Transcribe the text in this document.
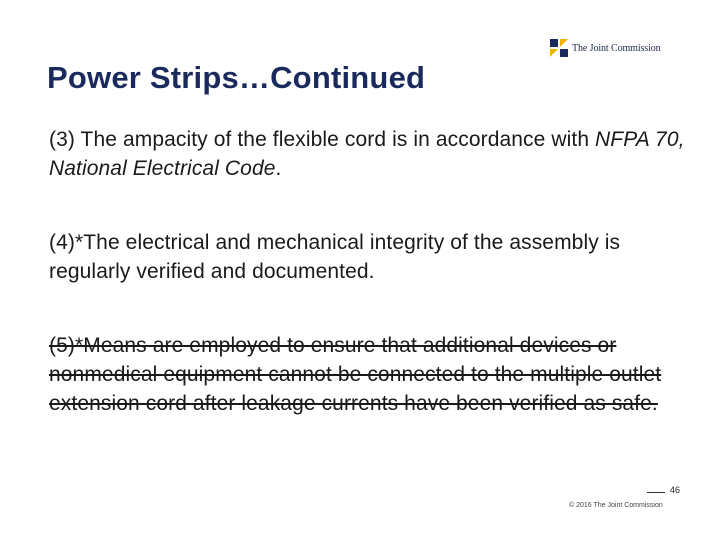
The Joint Commission
Power Strips…Continued
(3) The ampacity of the flexible cord is in accordance with NFPA 70, National Electrical Code.
(4)*The electrical and mechanical integrity of the assembly is regularly verified and documented.
(5)*Means are employed to ensure that additional devices or nonmedical equipment cannot be connected to the multiple outlet extension cord after leakage currents have been verified as safe.
46
© 2016 The Joint Commission
